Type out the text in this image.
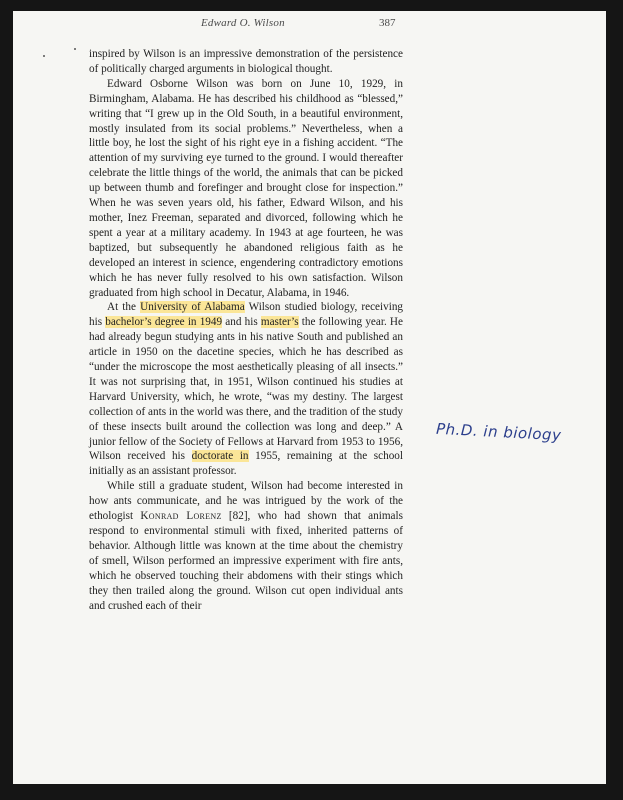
Edward O. Wilson	387

inspired by Wilson is an impressive demonstration of the persistence of politically charged arguments in biological thought.

Edward Osborne Wilson was born on June 10, 1929, in Birmingham, Alabama. He has described his childhood as “blessed,” writing that “I grew up in the Old South, in a beautiful environment, mostly insulated from its social problems.” Nevertheless, when a little boy, he lost the sight of his right eye in a fishing accident. “The attention of my surviving eye turned to the ground. I would thereafter celebrate the little things of the world, the animals that can be picked up between thumb and forefinger and brought close for inspection.” When he was seven years old, his father, Edward Wilson, and his mother, Inez Freeman, separated and divorced, following which he spent a year at a military academy. In 1943 at age fourteen, he was baptized, but subsequently he abandoned religious faith as he developed an interest in science, engendering contradictory emotions which he has never fully resolved to his own satisfaction. Wilson graduated from high school in Decatur, Alabama, in 1946.

At the University of Alabama Wilson studied biology, receiving his bachelor’s degree in 1949 and his master’s the following year. He had already begun studying ants in his native South and published an article in 1950 on the dacetine species, which he has described as “under the microscope the most aesthetically pleasing of all insects.” It was not surprising that, in 1951, Wilson continued his studies at Harvard University, which, he wrote, “was my destiny. The largest collection of ants in the world was there, and the tradition of the study of these insects built around the collection was long and deep.” A junior fellow of the Society of Fellows at Harvard from 1953 to 1956, Wilson received his doctorate in 1955, remaining at the school initially as an assistant professor.

While still a graduate student, Wilson had become interested in how ants communicate, and he was intrigued by the work of the ethologist Konrad Lorenz [82], who had shown that animals respond to environmental stimuli with fixed, inherited patterns of behavior. Although little was known at the time about the chemistry of smell, Wilson performed an impressive experiment with fire ants, which he observed touching their abdomens with their stings which they then trailed along the ground. Wilson cut open individual ants and crushed each of their

Ph.D. in biology
